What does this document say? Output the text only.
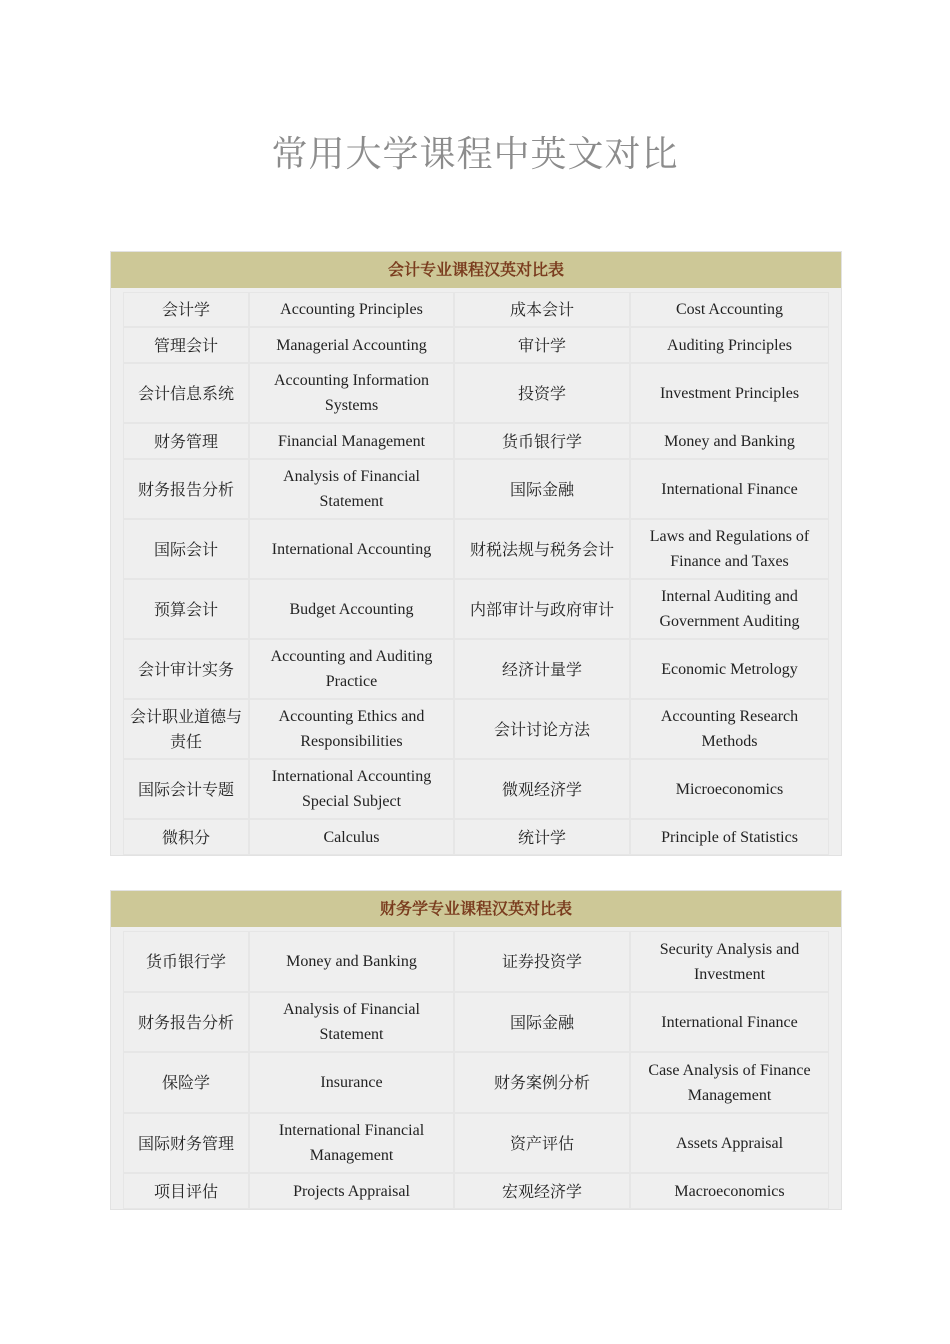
常用大学课程中英文对比
会计专业课程汉英对比表
会计学	Accounting Principles	成本会计	Cost Accounting
管理会计	Managerial Accounting	审计学	Auditing Principles
会计信息系统	Accounting Information Systems	投资学	Investment Principles
财务管理	Financial Management	货币银行学	Money and Banking
财务报告分析	Analysis of Financial Statement	国际金融	International Finance
国际会计	International Accounting	财税法规与税务会计	Laws and Regulations of Finance and Taxes
预算会计	Budget Accounting	内部审计与政府审计	Internal Auditing and Government Auditing
会计审计实务	Accounting and Auditing Practice	经济计量学	Economic Metrology
会计职业道德与责任	Accounting Ethics and Responsibilities	会计讨论方法	Accounting Research Methods
国际会计专题	International Accounting Special Subject	微观经济学	Microeconomics
微积分	Calculus	统计学	Principle of Statistics
财务学专业课程汉英对比表
货币银行学	Money and Banking	证券投资学	Security Analysis and Investment
财务报告分析	Analysis of Financial Statement	国际金融	International Finance
保险学	Insurance	财务案例分析	Case Analysis of Finance Management
国际财务管理	International Financial Management	资产评估	Assets Appraisal
项目评估	Projects Appraisal	宏观经济学	Macroeconomics
